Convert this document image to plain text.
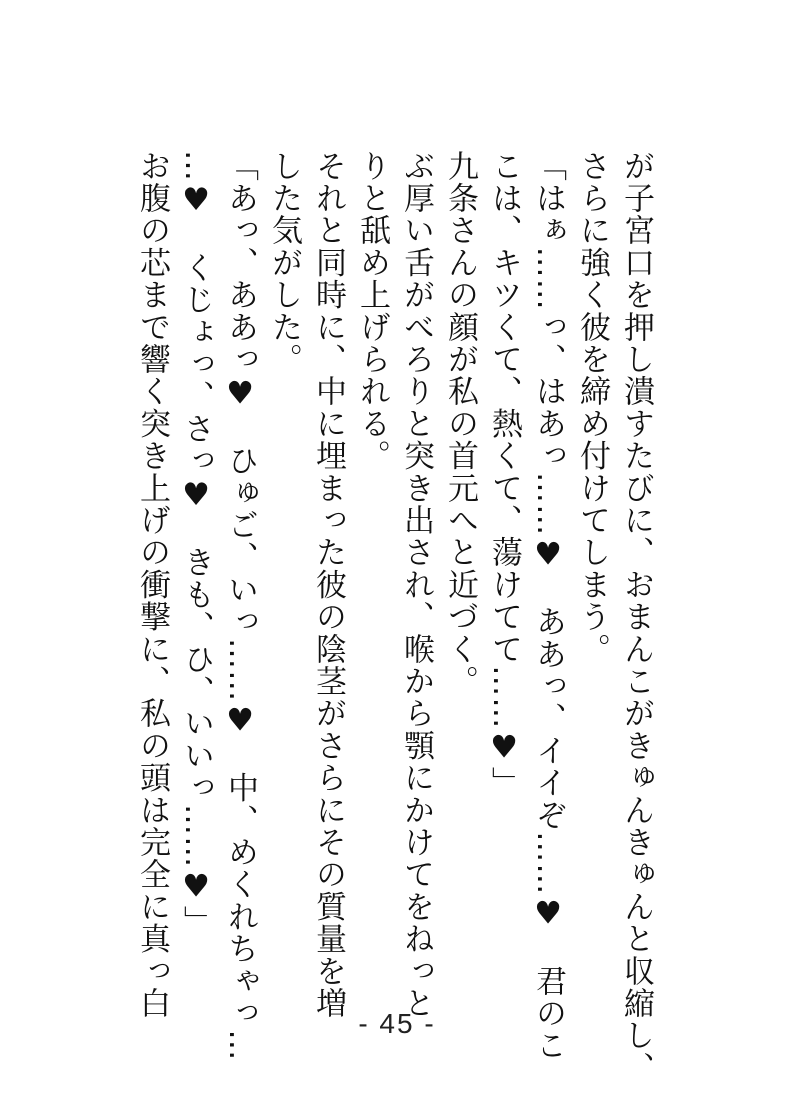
が子宮口を押し潰すたびに、おまんこがきゅんきゅんと収縮し、
さらに強く彼を締め付けてしまう。
「はぁ……っ、はあっ……♥　ああっ、イイぞ……♥　君のこ
こは、キツくて、熱くて、蕩けてて……♥」
九条さんの顔が私の首元へと近づく。
ぶ厚い舌がべろりと突き出され、喉から顎にかけてをねっと
りと舐め上げられる。
それと同時に、中に埋まった彼の陰茎がさらにその質量を増
した気がした。
「あっ、ああっ♥　ひゅご、いっ……♥　中、めくれちゃっ…
…♥　くじょっ、さっ♥　きも、ひ、いいっ……♥」
お腹の芯まで響く突き上げの衝撃に、私の頭は完全に真っ白
- 45 -
